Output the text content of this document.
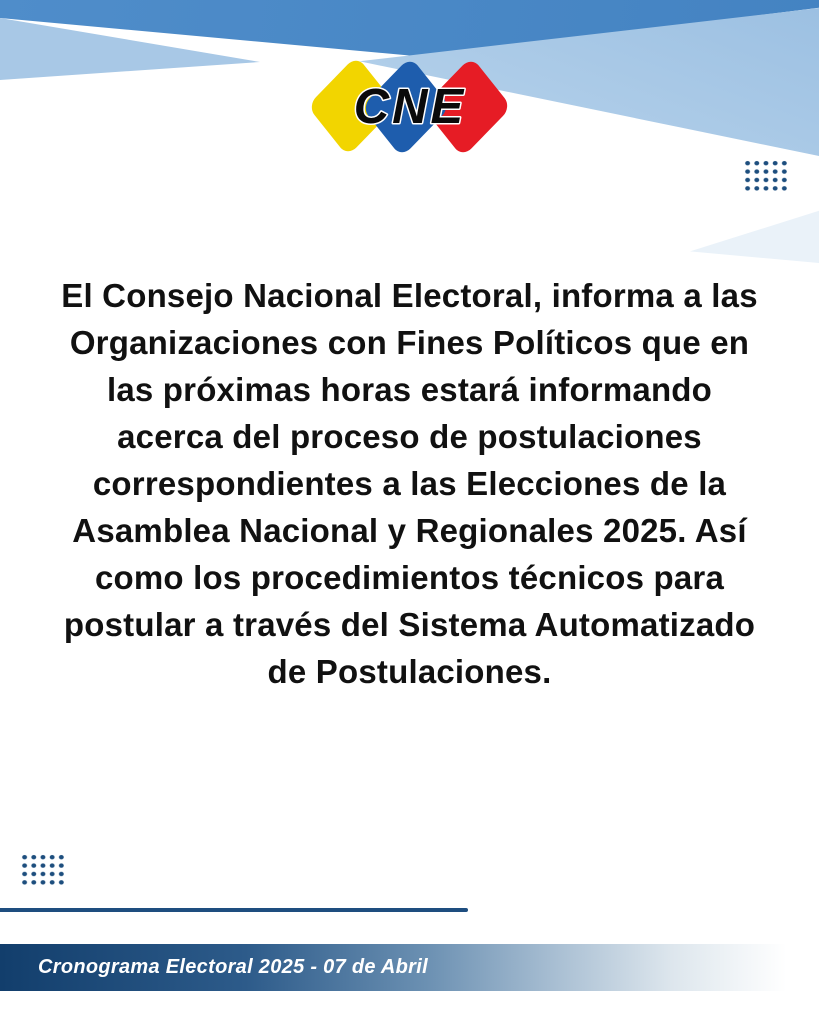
CNE
El Consejo Nacional Electoral, informa a las Organizaciones con Fines Políticos que en las próximas horas estará informando acerca del proceso de postulaciones correspondientes a las Elecciones de la Asamblea Nacional y Regionales 2025. Así como los procedimientos técnicos para postular a través del Sistema Automatizado de Postulaciones.
Cronograma Electoral 2025 - 07 de Abril
